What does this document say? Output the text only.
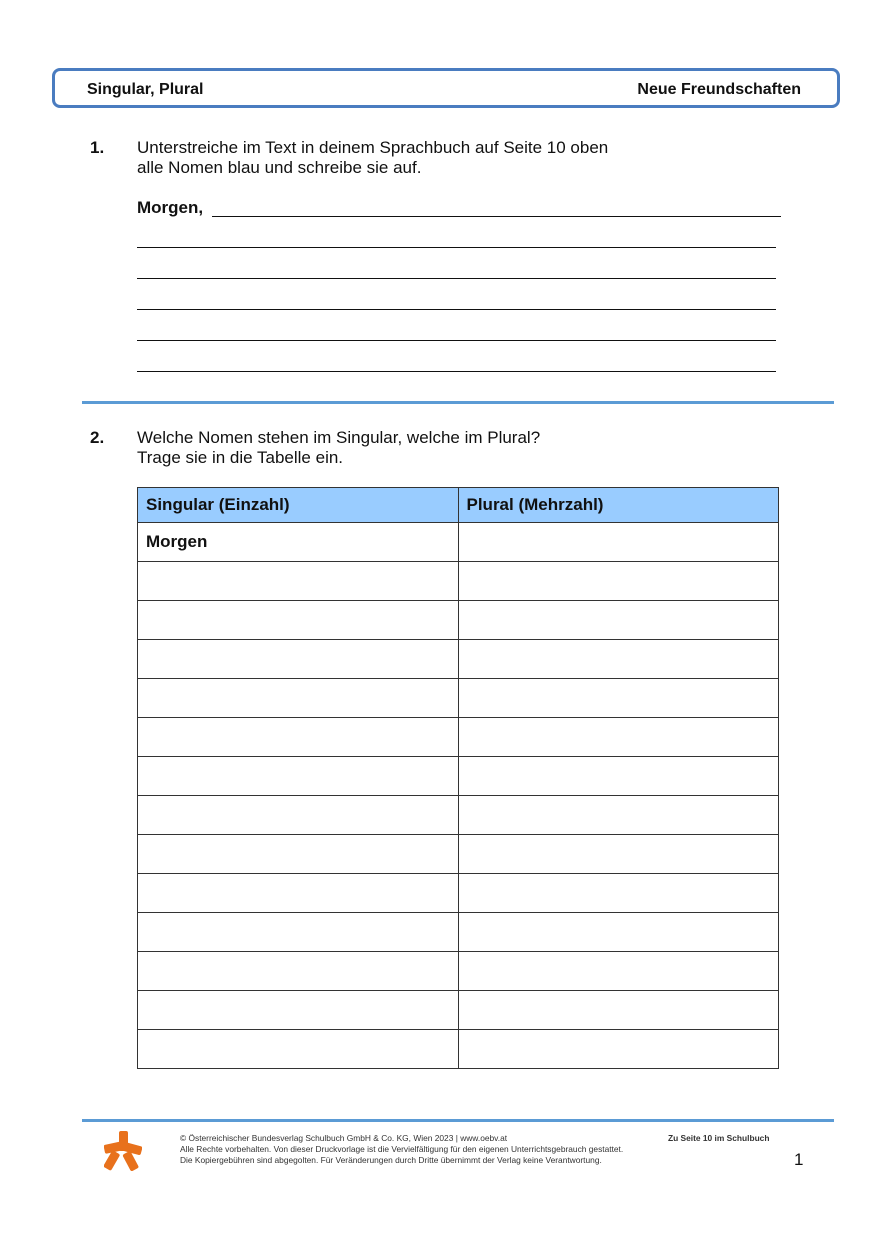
Singular, Plural	Neue Freundschaften
1. Unterstreiche im Text in deinem Sprachbuch auf Seite 10 oben
alle Nomen blau und schreibe sie auf.
Morgen,
2. Welche Nomen stehen im Singular, welche im Plural?
Trage sie in die Tabelle ein.
Singular (Einzahl)	Plural (Mehrzahl)
Morgen	

© Österreichischer Bundesverlag Schulbuch GmbH & Co. KG, Wien 2023 | www.oebv.at
Alle Rechte vorbehalten. Von dieser Druckvorlage ist die Vervielfältigung für den eigenen Unterrichtsgebrauch gestattet.
Die Kopiergebühren sind abgegolten. Für Veränderungen durch Dritte übernimmt der Verlag keine Verantwortung.
Zu Seite 10 im Schulbuch
1
